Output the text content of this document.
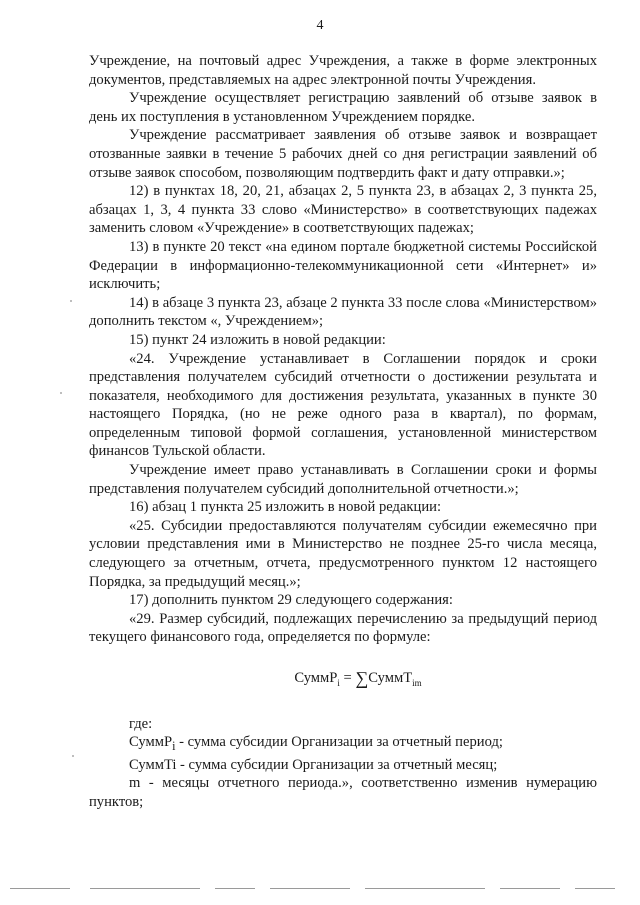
4

Учреждение, на почтовый адрес Учреждения, а также в форме электронных документов, представляемых на адрес электронной почты Учреждения.

Учреждение осуществляет регистрацию заявлений об отзыве заявок в день их поступления в установленном Учреждением порядке.

Учреждение рассматривает заявления об отзыве заявок и возвращает отозванные заявки в течение 5 рабочих дней со дня регистрации заявлений об отзыве заявок способом, позволяющим подтвердить факт и дату отправки.»;

12) в пунктах 18, 20, 21, абзацах 2, 5 пункта 23, в абзацах 2, 3 пункта 25, абзацах 1, 3, 4 пункта 33 слово «Министерство» в соответствующих падежах заменить словом «Учреждение» в соответствующих падежах;

13) в пункте 20 текст «на едином портале бюджетной системы Российской Федерации в информационно-телекоммуникационной сети «Интернет» и» исключить;

14) в абзаце 3 пункта 23, абзаце 2 пункта 33 после слова «Министерством» дополнить текстом «, Учреждением»;

15) пункт 24 изложить в новой редакции:

«24. Учреждение устанавливает в Соглашении порядок и сроки представления получателем субсидий отчетности о достижении результата и показателя, необходимого для достижения результата, указанных в пункте 30 настоящего Порядка, (но не реже одного раза в квартал), по формам, определенным типовой формой соглашения, установленной министерством финансов Тульской области.

Учреждение имеет право устанавливать в Соглашении сроки и формы представления получателем субсидий дополнительной отчетности.»;

16) абзац 1 пункта 25 изложить в новой редакции:

«25. Субсидии предоставляются получателям субсидии ежемесячно при условии представления ими в Министерство не позднее 25-го числа месяца, следующего за отчетным, отчета, предусмотренного пунктом 12 настоящего Порядка, за предыдущий месяц.»;

17) дополнить пунктом 29 следующего содержания:

«29. Размер субсидий, подлежащих перечислению за предыдущий период текущего финансового года, определяется по формуле:

СуммР$_i$ = ∑СуммТ$_{im}$

где:

СуммР$_i$ - сумма субсидии Организации за отчетный период;

СуммTi - сумма субсидии Организации за отчетный месяц;

m - месяцы отчетного периода.», соответственно изменив нумерацию пунктов;
